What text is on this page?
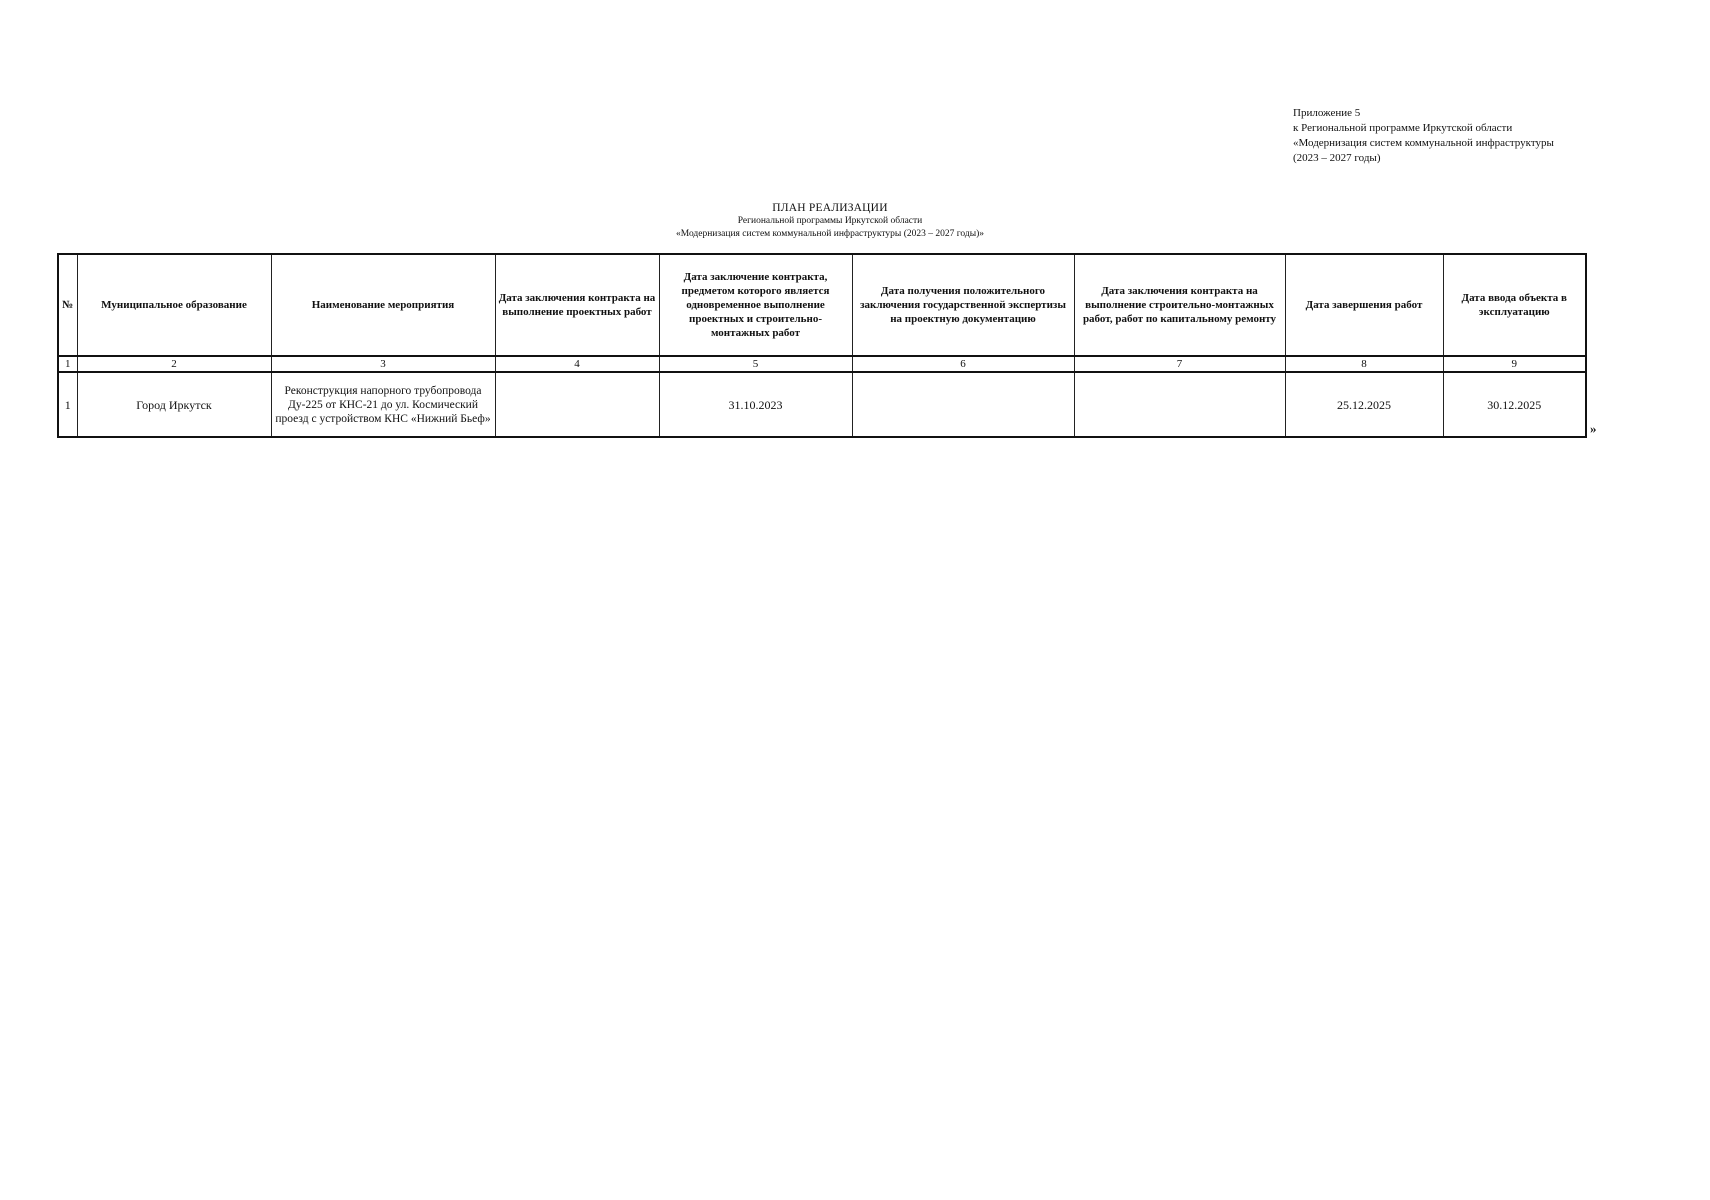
Приложение 5
к Региональной программе Иркутской области
«Модернизация систем коммунальной инфраструктуры
(2023 – 2027 годы)
ПЛАН РЕАЛИЗАЦИИ
Региональной программы Иркутской области
«Модернизация систем коммунальной инфраструктуры (2023 – 2027 годы)»
№	Муниципальное образование	Наименование мероприятия	Дата заключения контракта на выполнение проектных работ	Дата заключение контракта, предметом которого является одновременное выполнение проектных и строительно-монтажных работ	Дата получения положительного заключения государственной экспертизы на проектную документацию	Дата заключения контракта на выполнение строительно-монтажных работ, работ по капитальному ремонту	Дата завершения работ	Дата ввода объекта в эксплуатацию
1	2	3	4	5	6	7	8	9
1	Город Иркутск	Реконструкция напорного трубопровода Ду-225 от КНС-21 до ул. Космический проезд с устройством КНС «Нижний Бьеф»		31.10.2023			25.12.2025	30.12.2025
»
